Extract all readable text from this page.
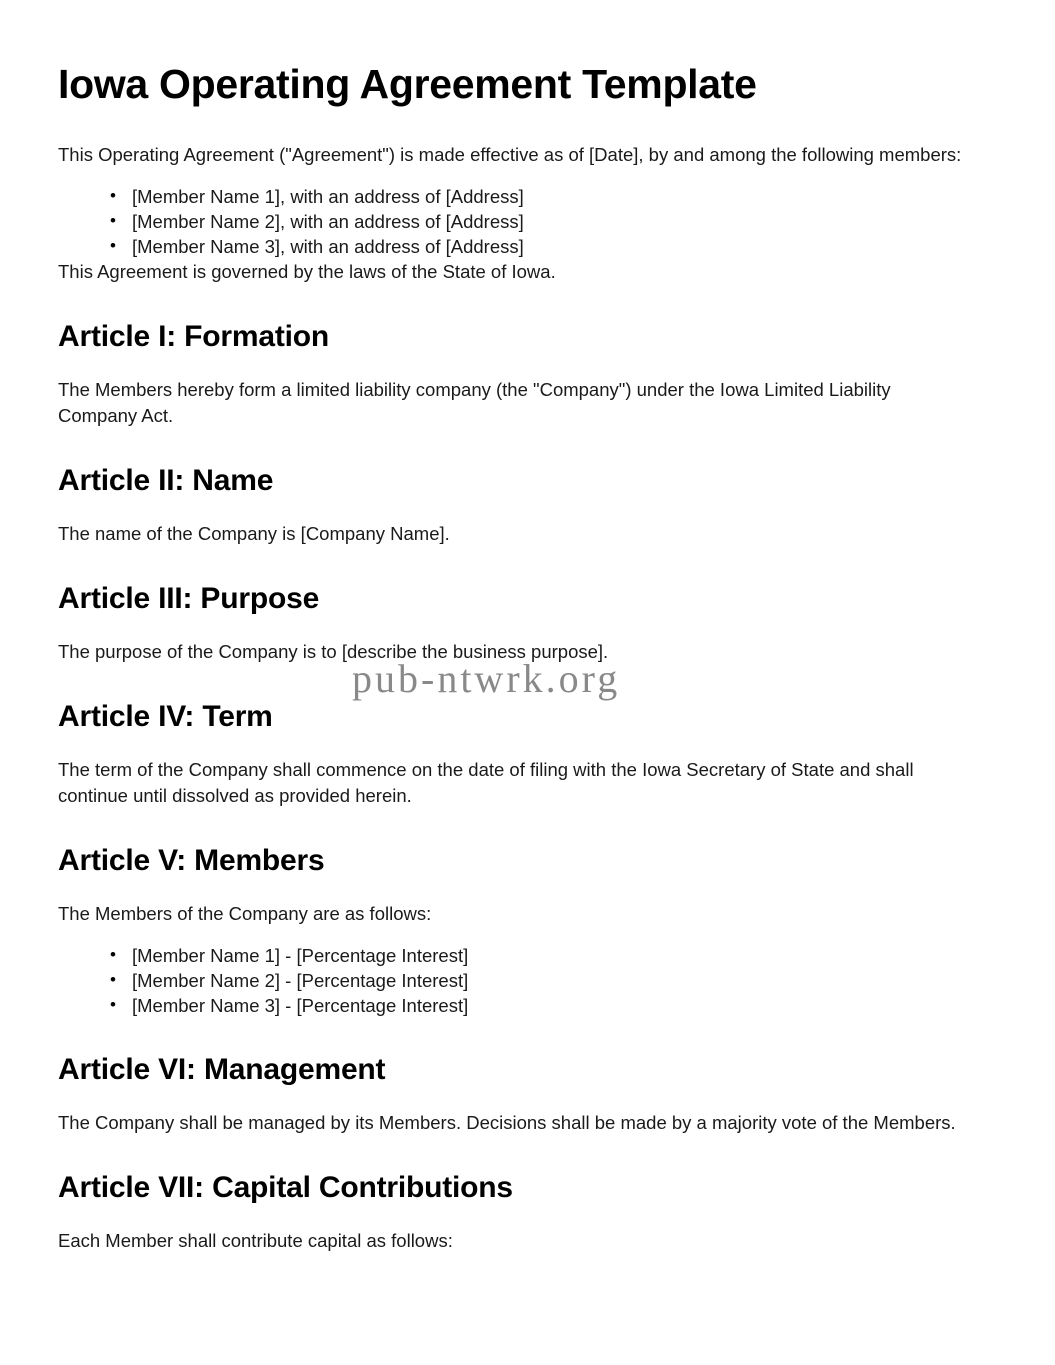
Iowa Operating Agreement Template

This Operating Agreement ("Agreement") is made effective as of [Date], by and among the following members:

• [Member Name 1], with an address of [Address]
• [Member Name 2], with an address of [Address]
• [Member Name 3], with an address of [Address]

This Agreement is governed by the laws of the State of Iowa.

Article I: Formation

The Members hereby form a limited liability company (the "Company") under the Iowa Limited Liability Company Act.

Article II: Name

The name of the Company is [Company Name].

Article III: Purpose

The purpose of the Company is to [describe the business purpose].

Article IV: Term

The term of the Company shall commence on the date of filing with the Iowa Secretary of State and shall continue until dissolved as provided herein.

Article V: Members

The Members of the Company are as follows:

• [Member Name 1] - [Percentage Interest]
• [Member Name 2] - [Percentage Interest]
• [Member Name 3] - [Percentage Interest]
Article VI: Management

The Company shall be managed by its Members. Decisions shall be made by a majority vote of the Members.

Article VII: Capital Contributions

Each Member shall contribute capital as follows:

pub-ntwrk.org
